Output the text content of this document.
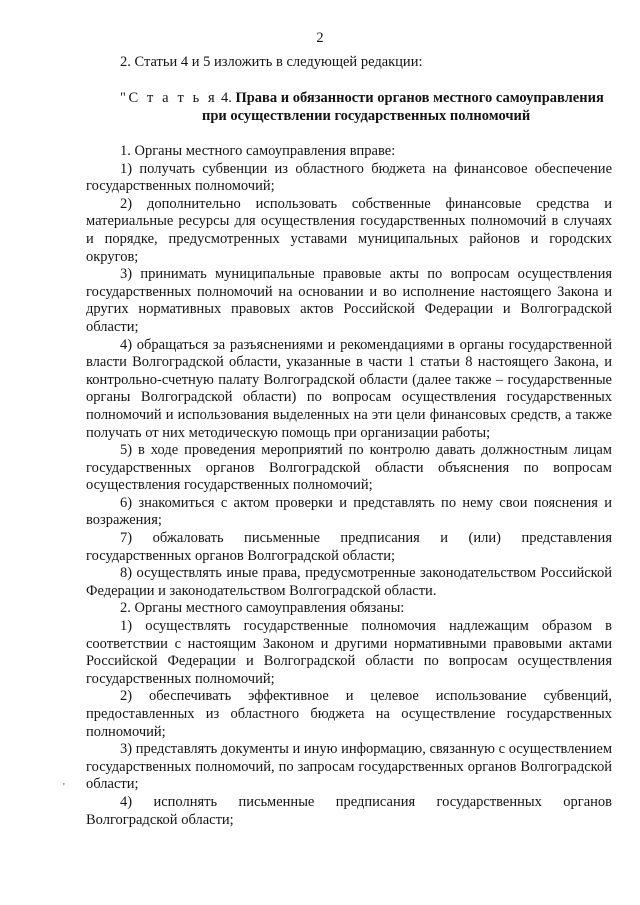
2
2. Статьи 4 и 5 изложить в следующей редакции:
"С т а т ь я 4. Права и обязанности органов местного самоуправления
при осуществлении государственных полномочий

1. Органы местного самоуправления вправе:

1) получать субвенции из областного бюджета на финансовое обеспечение государственных полномочий;

2) дополнительно использовать собственные финансовые средства и материальные ресурсы для осуществления государственных полномочий в случаях и порядке, предусмотренных уставами муниципальных районов и городских округов;

3) принимать муниципальные правовые акты по вопросам осуществления государственных полномочий на основании и во исполнение настоящего Закона и других нормативных правовых актов Российской Федерации и Волгоградской области;

4) обращаться за разъяснениями и рекомендациями в органы государственной власти Волгоградской области, указанные в части 1 статьи 8 настоящего Закона, и контрольно-счетную палату Волгоградской области (далее также – государственные органы Волгоградской области) по вопросам осуществления государственных полномочий и использования выделенных на эти цели финансовых средств, а также получать от них методическую помощь при организации работы;

5) в ходе проведения мероприятий по контролю давать должностным лицам государственных органов Волгоградской области объяснения по вопросам осуществления государственных полномочий;

6) знакомиться с актом проверки и представлять по нему свои пояснения и возражения;

7) обжаловать письменные предписания и (или) представления государственных органов Волгоградской области;

8) осуществлять иные права, предусмотренные законодательством Российской Федерации и законодательством Волгоградской области.

2. Органы местного самоуправления обязаны:

1) осуществлять государственные полномочия надлежащим образом в соответствии с настоящим Законом и другими нормативными правовыми актами Российской Федерации и Волгоградской области по вопросам осуществления государственных полномочий;

2) обеспечивать эффективное и целевое использование субвенций, предоставленных из областного бюджета на осуществление государственных полномочий;

3) представлять документы и иную информацию, связанную с осуществлением государственных полномочий, по запросам государственных органов Волгоградской области;

4) исполнять письменные предписания государственных органов Волгоградской области;

'
